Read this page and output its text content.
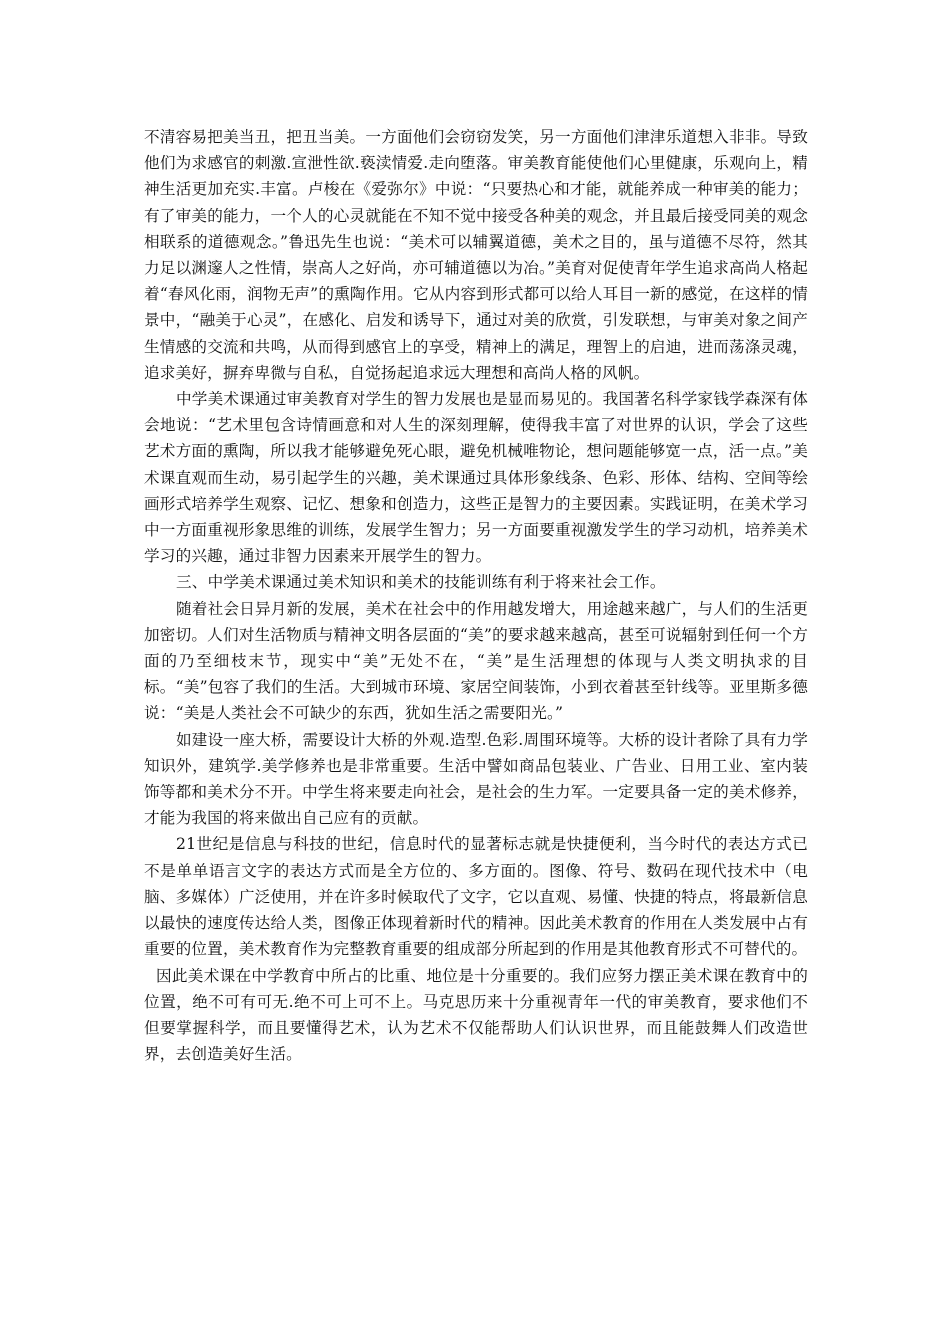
不清容易把美当丑，把丑当美。一方面他们会窃窃发笑，另一方面他们津津乐道想入非非。导致他们为求感官的刺激.宣泄性欲.亵渎情爱.走向堕落。审美教育能使他们心里健康，乐观向上，精神生活更加充实.丰富。卢梭在《爱弥尔》中说：“只要热心和才能，就能养成一种审美的能力；有了审美的能力，一个人的心灵就能在不知不觉中接受各种美的观念，并且最后接受同美的观念相联系的道德观念。”鲁迅先生也说：“美术可以辅翼道德，美术之目的，虽与道德不尽符，然其力足以渊邃人之性情，崇高人之好尚，亦可辅道德以为冶。”美育对促使青年学生追求高尚人格起着“春风化雨，润物无声”的熏陶作用。它从内容到形式都可以给人耳目一新的感觉，在这样的情景中，“融美于心灵”，在感化、启发和诱导下，通过对美的欣赏，引发联想，与审美对象之间产生情感的交流和共鸣，从而得到感官上的享受，精神上的满足，理智上的启迪，进而荡涤灵魂，追求美好，摒弃卑微与自私，自觉扬起追求远大理想和高尚人格的风帆。

中学美术课通过审美教育对学生的智力发展也是显而易见的。我国著名科学家钱学森深有体会地说：“艺术里包含诗情画意和对人生的深刻理解，使得我丰富了对世界的认识，学会了这些艺术方面的熏陶，所以我才能够避免死心眼，避免机械唯物论，想问题能够宽一点，活一点。”美术课直观而生动，易引起学生的兴趣，美术课通过具体形象线条、色彩、形体、结构、空间等绘画形式培养学生观察、记忆、想象和创造力，这些正是智力的主要因素。实践证明，在美术学习中一方面重视形象思维的训练，发展学生智力；另一方面要重视激发学生的学习动机，培养美术学习的兴趣，通过非智力因素来开展学生的智力。

三、中学美术课通过美术知识和美术的技能训练有利于将来社会工作。

随着社会日异月新的发展，美术在社会中的作用越发增大，用途越来越广，与人们的生活更加密切。人们对生活物质与精神文明各层面的“美”的要求越来越高，甚至可说辐射到任何一个方面的乃至细枝末节，现实中“美”无处不在，“美”是生活理想的体现与人类文明执求的目标。“美”包容了我们的生活。大到城市环境、家居空间装饰，小到衣着甚至针线等。亚里斯多德说：“美是人类社会不可缺少的东西，犹如生活之需要阳光。”

如建设一座大桥，需要设计大桥的外观.造型.色彩.周围环境等。大桥的设计者除了具有力学知识外，建筑学.美学修养也是非常重要。生活中譬如商品包装业、广告业、日用工业、室内装饰等都和美术分不开。中学生将来要走向社会，是社会的生力军。一定要具备一定的美术修养，才能为我国的将来做出自己应有的贡献。

21世纪是信息与科技的世纪，信息时代的显著标志就是快捷便利，当今时代的表达方式已不是单单语言文字的表达方式而是全方位的、多方面的。图像、符号、数码在现代技术中（电脑、多媒体）广泛使用，并在许多时候取代了文字，它以直观、易懂、快捷的特点，将最新信息以最快的速度传达给人类，图像正体现着新时代的精神。因此美术教育的作用在人类发展中占有重要的位置，美术教育作为完整教育重要的组成部分所起到的作用是其他教育形式不可替代的。

因此美术课在中学教育中所占的比重、地位是十分重要的。我们应努力摆正美术课在教育中的位置，绝不可有可无.绝不可上可不上。马克思历来十分重视青年一代的审美教育，要求他们不但要掌握科学，而且要懂得艺术，认为艺术不仅能帮助人们认识世界，而且能鼓舞人们改造世界，去创造美好生活。
